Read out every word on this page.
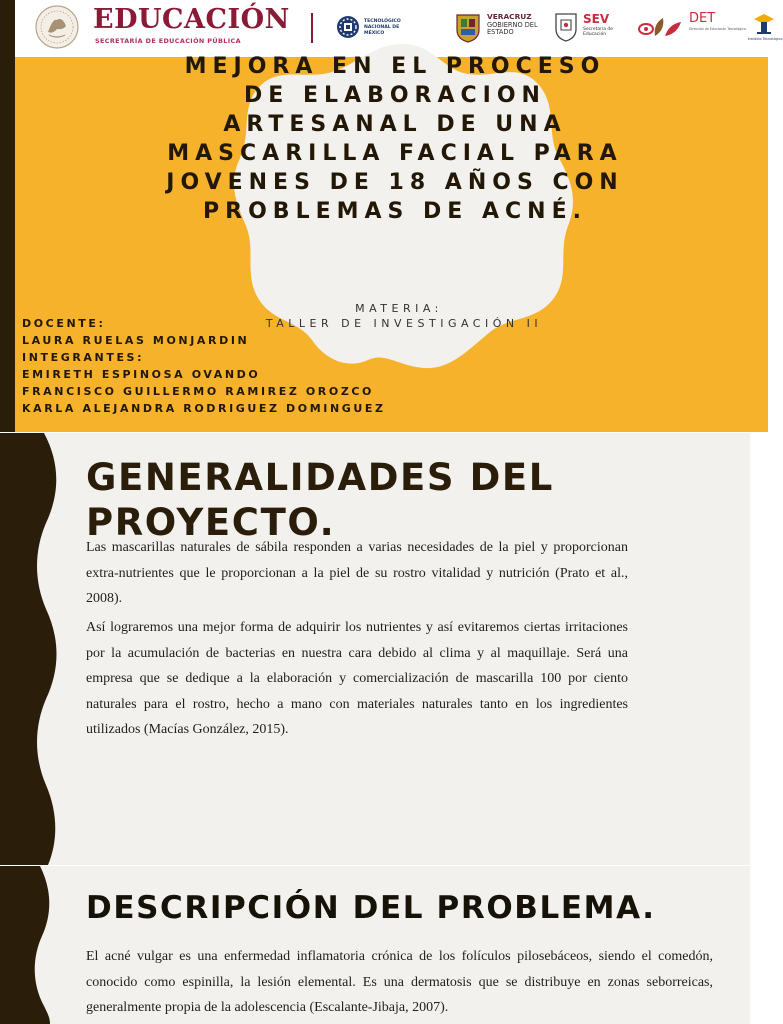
EDUCACIÓN
SECRETARÍA DE EDUCACIÓN PÚBLICA
TECNOLÓGICO NACIONAL DE MÉXICO
VERACRUZ
GOBIERNO DEL ESTADO
SEV
Secretaría de Educación
DET
Dirección de Educación Tecnológica
Instituto Tecnológico
MEJORA EN EL PROCESO DE ELABORACION ARTESANAL DE UNA MASCARILLA FACIAL PARA JOVENES DE 18 AÑOS CON PROBLEMAS DE ACNÉ.
MATERIA:
TALLER DE INVESTIGACIÓN II
DOCENTE:
LAURA RUELAS MONJARDIN
INTEGRANTES:
EMIRETH ESPINOSA OVANDO
FRANCISCO GUILLERMO RAMIREZ OROZCO
KARLA ALEJANDRA RODRIGUEZ DOMINGUEZ
GENERALIDADES DEL PROYECTO.

Las mascarillas naturales de sábila responden a varias necesidades de la piel y proporcionan extra-nutrientes que le proporcionan a la piel de su rostro vitalidad y nutrición (Prato et al., 2008).

Así lograremos una mejor forma de adquirir los nutrientes y así evitaremos ciertas irritaciones por la acumulación de bacterias en nuestra cara debido al clima y al maquillaje. Será una empresa que se dedique a la elaboración y comercialización de mascarilla 100 por ciento naturales para el rostro, hecho a mano con materiales naturales tanto en los ingredientes utilizados (Macías González, 2015).

DESCRIPCIÓN DEL PROBLEMA.

El acné vulgar es una enfermedad inflamatoria crónica de los folículos pilosebáceos, siendo el comedón, conocido como espinilla, la lesión elemental. Es una dermatosis que se distribuye en zonas seborreicas, generalmente propia de la adolescencia (Escalante-Jibaja, 2007).
